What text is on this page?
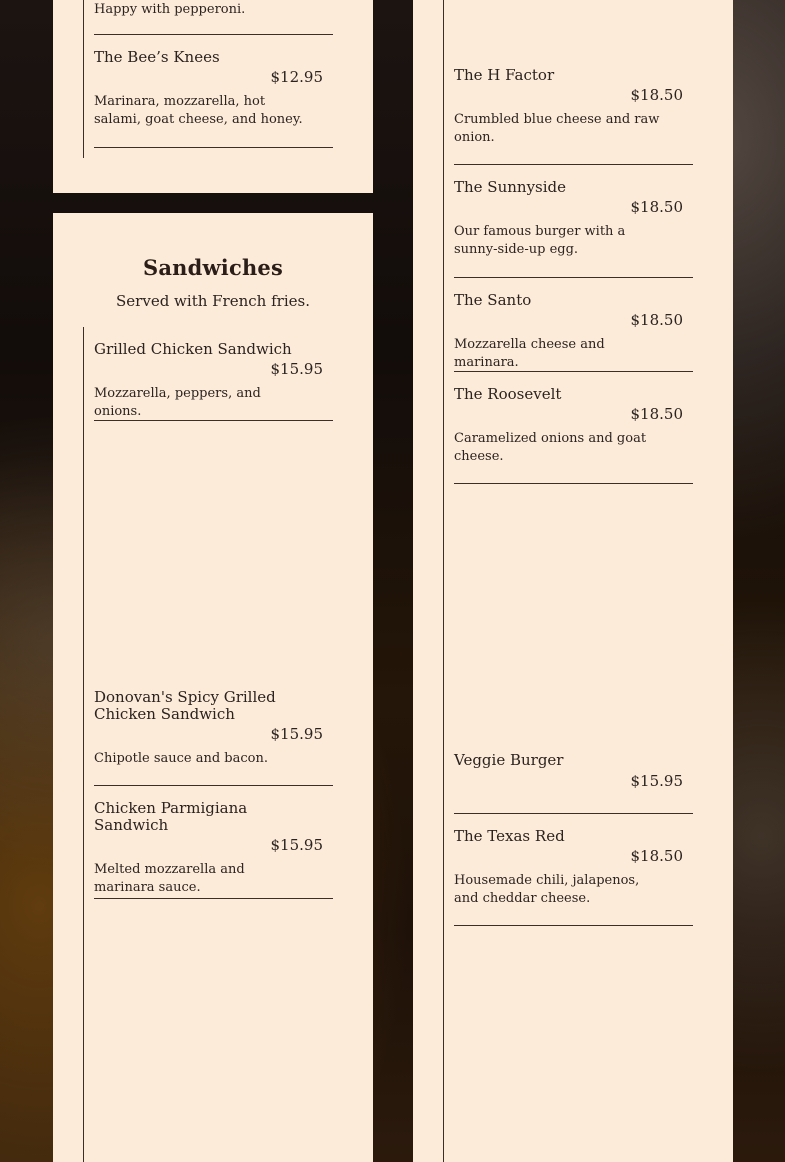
Happy with pepperoni.
The Bee’s Knees
$12.95
Marinara, mozzarella, hot salami, goat cheese, and honey.
Sandwiches
Served with French fries.
Grilled Chicken Sandwich
$15.95
Mozzarella, peppers, and onions.
Donovan's Spicy Grilled Chicken Sandwich
$15.95
Chipotle sauce and bacon.
Chicken Parmigiana Sandwich
$15.95
Melted mozzarella and marinara sauce.
The H Factor
$18.50
Crumbled blue cheese and raw onion.
The Sunnyside
$18.50
Our famous burger with a sunny-side-up egg.
The Santo
$18.50
Mozzarella cheese and marinara.
The Roosevelt
$18.50
Caramelized onions and goat cheese.
Veggie Burger
$15.95
The Texas Red
$18.50
Housemade chili, jalapenos, and cheddar cheese.
